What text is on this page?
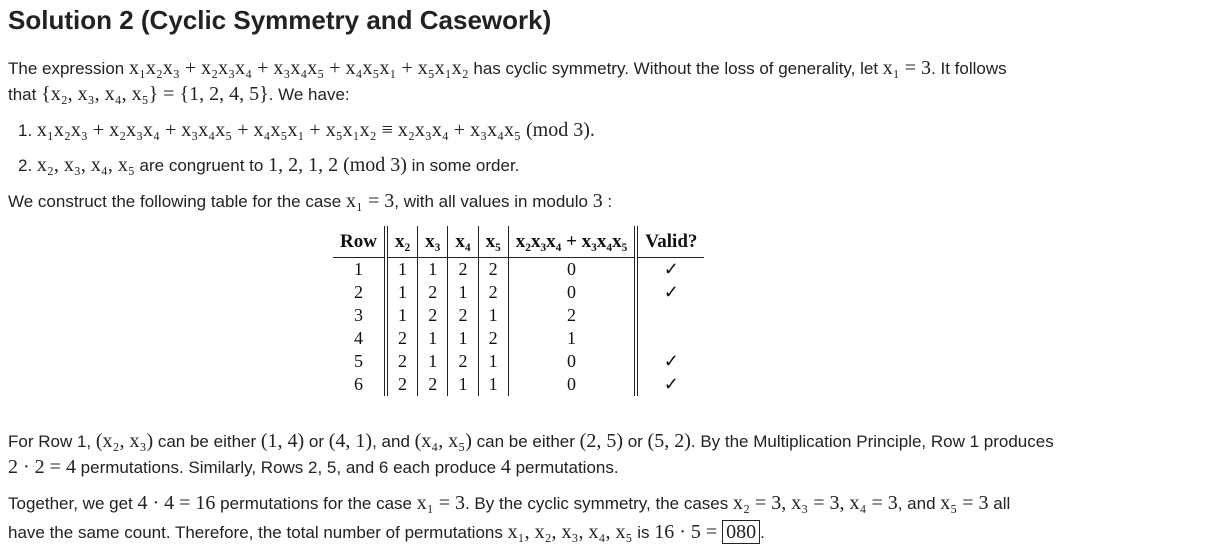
Solution 2 (Cyclic Symmetry and Casework)

The expression x₁x₂x₃ + x₂x₃x₄ + x₃x₄x₅ + x₄x₅x₁ + x₅x₁x₂ has cyclic symmetry. Without the loss of generality, let x₁ = 3. It follows

that {x₂, x₃, x₄, x₅} = {1, 2, 4, 5}. We have:

1. x₁x₂x₃ + x₂x₃x₄ + x₃x₄x₅ + x₄x₅x₁ + x₅x₁x₂ ≡ x₂x₃x₄ + x₃x₄x₅ (mod 3).
2. x₂, x₃, x₄, x₅ are congruent to 1, 2, 1, 2 (mod 3) in some order.

We construct the following table for the case x₁ = 3, with all values in modulo 3 :

Row	x₂	x₃	x₄	x₅	x₂x₃x₄ + x₃x₄x₅	Valid?
1	1	1	2	2	0	✓
2	1	2	1	2	0	✓
3	1	2	2	1	2	
4	2	1	1	2	1	
5	2	1	2	1	0	✓
6	2	2	1	1	0	✓

For Row 1, (x₂, x₃) can be either (1, 4) or (4, 1), and (x₄, x₅) can be either (2, 5) or (5, 2). By the Multiplication Principle, Row 1 produces

2 · 2 = 4 permutations. Similarly, Rows 2, 5, and 6 each produce 4 permutations.

Together, we get 4 · 4 = 16 permutations for the case x₁ = 3. By the cyclic symmetry, the cases x₂ = 3, x₃ = 3, x₄ = 3, and x₅ = 3 all

have the same count. Therefore, the total number of permutations x₁, x₂, x₃, x₄, x₅ is 16 · 5 = 080 .
